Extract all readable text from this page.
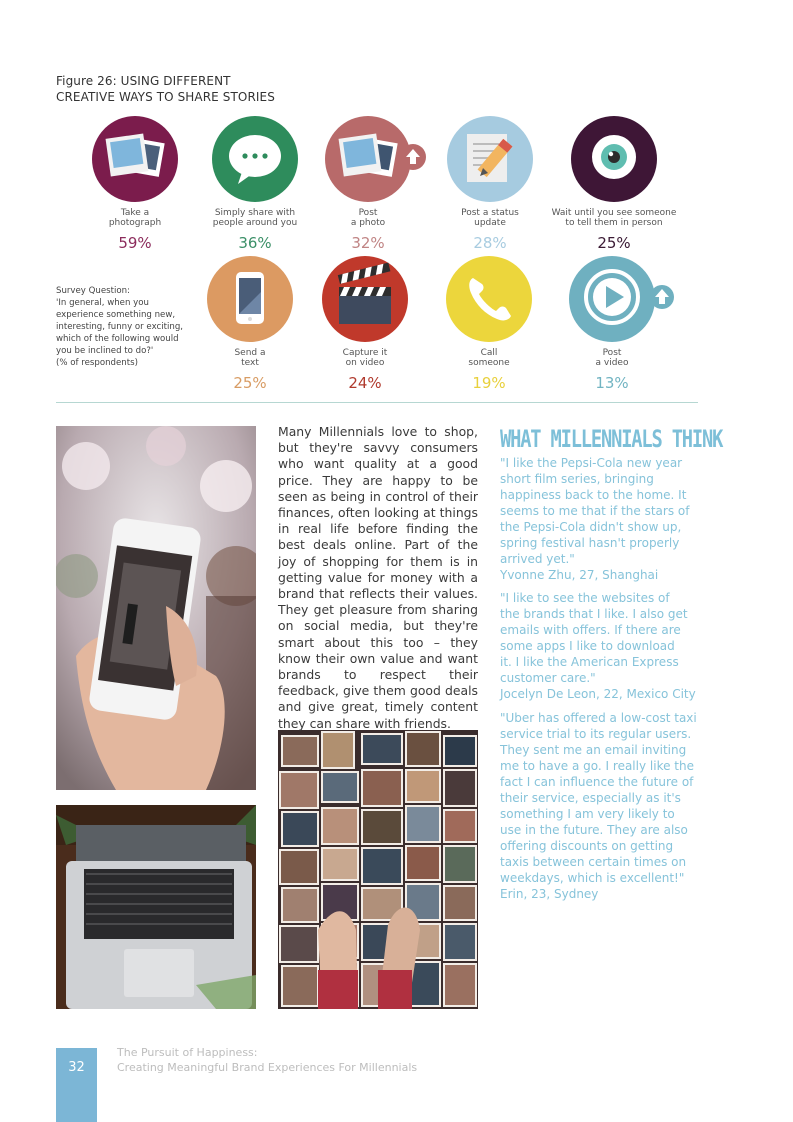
Figure 26: USING DIFFERENT
CREATIVE WAYS TO SHARE STORIES
Take a
photograph
59%
Simply share with
people around you
36%
Post
a photo
32%
Post a status
update
28%
Wait until you see someone
to tell them in person
25%
Survey Question:
'In general, when you
experience something new,
interesting, funny or exciting,
which of the following would
you be inclined to do?'
(% of respondents)
Send a
text
25%
Capture it
on video
24%
Call
someone
19%
Post
a video
13%
Many Millennials love to shop, but they're savvy consumers who want quality at a good price. They are happy to be seen as being in control of their finances, often looking at things in real life before finding the best deals online. Part of the joy of shopping for them is in getting value for money with a brand that reflects their values. They get pleasure from sharing on social media, but they're smart about this too – they know their own value and want brands to respect their feedback, give them good deals and give great, timely content they can share with friends.
WHAT MILLENNIALS THINK
"I like the Pepsi-Cola new year
short film series, bringing
happiness back to the home. It
seems to me that if the stars of
the Pepsi-Cola didn't show up,
spring festival hasn't properly
arrived yet."
Yvonne Zhu, 27, Shanghai
"I like to see the websites of
the brands that I like. I also get
emails with offers. If there are
some apps I like to download
it. I like the American Express
customer care."
Jocelyn De Leon, 22, Mexico City
"Uber has offered a low-cost taxi
service trial to its regular users.
They sent me an email inviting
me to have a go. I really like the
fact I can influence the future of
their service, especially as it's
something I am very likely to
use in the future. They are also
offering discounts on getting
taxis between certain times on
weekdays, which is excellent!"
Erin, 23, Sydney
32
The Pursuit of Happiness:
Creating Meaningful Brand Experiences For Millennials
